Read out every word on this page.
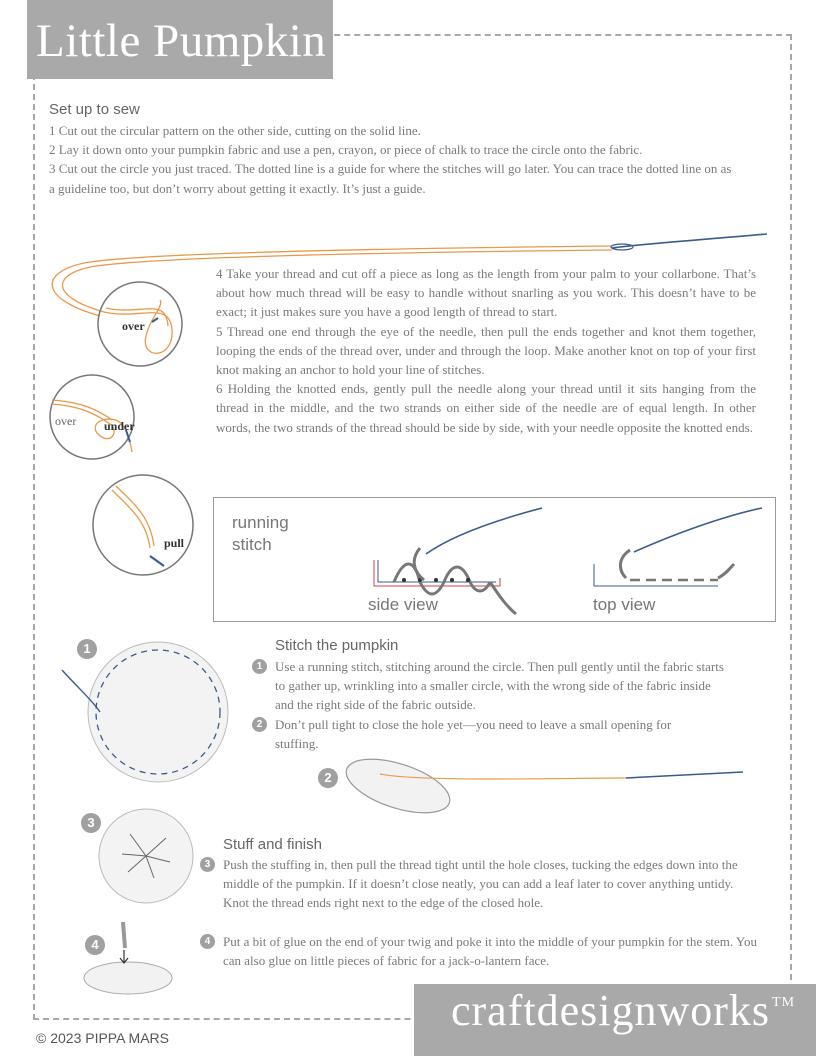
Little Pumpkin
Set up to sew
1 Cut out the circular pattern on the other side, cutting on the solid line.
2 Lay it down onto your pumpkin fabric and use a pen, crayon, or piece of chalk to trace the circle onto the fabric.
3 Cut out the circle you just traced. The dotted line is a guide for where the stitches will go later. You can trace the dotted line on as a guideline too, but don’t worry about getting it exactly. It’s just a guide.
4 Take your thread and cut off a piece as long as the length from your palm to your collarbone. That’s about how much thread will be easy to handle without snarling as you work. This doesn’t have to be exact; it just makes sure you have a good length of thread to start.
5 Thread one end through the eye of the needle, then pull the ends together and knot them together, looping the ends of the thread over, under and through the loop. Make another knot on top of your first knot making an anchor to hold your line of stitches.
6 Holding the knotted ends, gently pull the needle along your thread until it sits hanging from the thread in the middle, and the two strands on either side of the needle are of equal length. In other words, the two strands of the thread should be side by side, with your needle opposite the knotted ends.
over
over under
pull
running
stitch
side view	top view
1
2
3
4
Stitch the pumpkin
1 Use a running stitch, stitching around the circle. Then pull gently until the fabric starts to gather up, wrinkling into a smaller circle, with the wrong side of the fabric inside and the right side of the fabric outside.
2 Don’t pull tight to close the hole yet—you need to leave a small opening for stuffing.
Stuff and finish
3 Push the stuffing in, then pull the thread tight until the hole closes, tucking the edges down into the middle of the pumpkin. If it doesn’t close neatly, you can add a leaf later to cover anything untidy.
Knot the thread ends right next to the edge of the closed hole.
4 Put a bit of glue on the end of your twig and poke it into the middle of your pumpkin for the stem. You can also glue on little pieces of fabric for a jack-o-lantern face.
craftdesignworks ™
© 2023 PIPPA MARS
